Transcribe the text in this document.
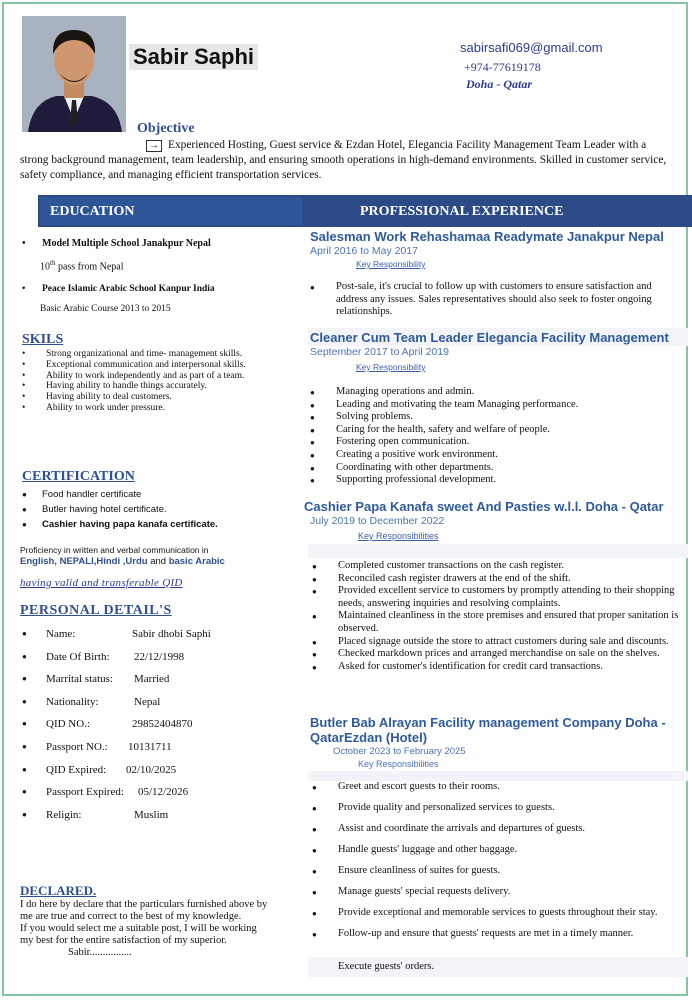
Sabir Saphi	sabirsafi069@gmail.com
+974-77619178
Doha - Qatar
Objective
→ Experienced Hosting, Guest service & Ezdan Hotel, Elegancia Facility Management Team Leader with a strong background management, team leadership, and ensuring smooth operations in high-demand environments. Skilled in customer service, safety compliance, and managing efficient transportation services.
EDUCATION	PROFESSIONAL EXPERIENCE
• Model Multiple School Janakpur Nepal
10th pass from Nepal
• Peace Islamic Arabic School Kanpur India
Basic Arabic Course 2013 to 2015
SKILS
• Strong organizational and time- management skills.
• Exceptional communication and interpersonal skills.
• Ability to work independently and as part of a team.
• Having ability to handle things accurately.
• Having ability to deal customers.
• Ability to work under pressure.
CERTIFICATION
● Food handler certificate
● Butler having hotel certificate.
● Cashier having papa kanafa certificate.
Proficiency in written and verbal communication in
English, NEPALI,Hindi ,Urdu and basic Arabic
having valid and transferable QID
PERSONAL DETAIL'S
● Name:	Sabir dhobi Saphi
● Date Of Birth: 22/12/1998
● Marrital status: Married
● Nationality:	Nepal
● QID NO.:	29852404870
● Passport NO.: 10131711
● QID Expired: 02/10/2025
● Passport Expired: 05/12/2026
● Religin:	Muslim
DECLARED.
I do here by declare that the particulars furnished above by me are true and correct to the best of my knowledge.
If you would select me a suitable post, I will be working my best for the entire satisfaction of my superior. Sabir................
Salesman Work Rehashamaa Readymate Janakpur Nepal
April 2016 to May 2017
Key Responsibility
● Post-sale, it's crucial to follow up with customers to ensure satisfaction and address any issues. Sales representatives should also seek to foster ongoing relationships.
Cleaner Cum Team Leader Elegancia Facility Management
September 2017 to April 2019
Key Responsibility
● Managing operations and admin.
● Leading and motivating the team Managing performance.
● Solving problems.
● Caring for the health, safety and welfare of people.
● Fostering open communication.
● Creating a positive work environment.
● Coordinating with other departments.
● Supporting professional development.
Cashier Papa Kanafa sweet And Pasties w.l.l. Doha - Qatar
July 2019 to December 2022
Key Responsibilities
● Completed customer transactions on the cash register.
● Reconciled cash register drawers at the end of the shift.
● Provided excellent service to customers by promptly attending to their shopping needs, answering inquiries and resolving complaints.
● Maintained cleanliness in the store premises and ensured that proper sanitation is observed.
● Placed signage outside the store to attract customers during sale and discounts.
● Checked markdown prices and arranged merchandise on sale on the shelves.
● Asked for customer's identification for credit card transactions.
Butler Bab Alrayan Facility management Company Doha -Qatar Ezdan (Hotel)
October 2023 to February 2025
Key Responsibilities
● Greet and escort guests to their rooms.
● Provide quality and personalized services to guests.
● Assist and coordinate the arrivals and departures of guests.
● Handle guests' luggage and other baggage.
● Ensure cleanliness of suites for guests.
● Manage guests' special requests delivery.
● Provide exceptional and memorable services to guests throughout their stay.
● Follow-up and ensure that guests' requests are met in a timely manner.
Execute guests' orders.
